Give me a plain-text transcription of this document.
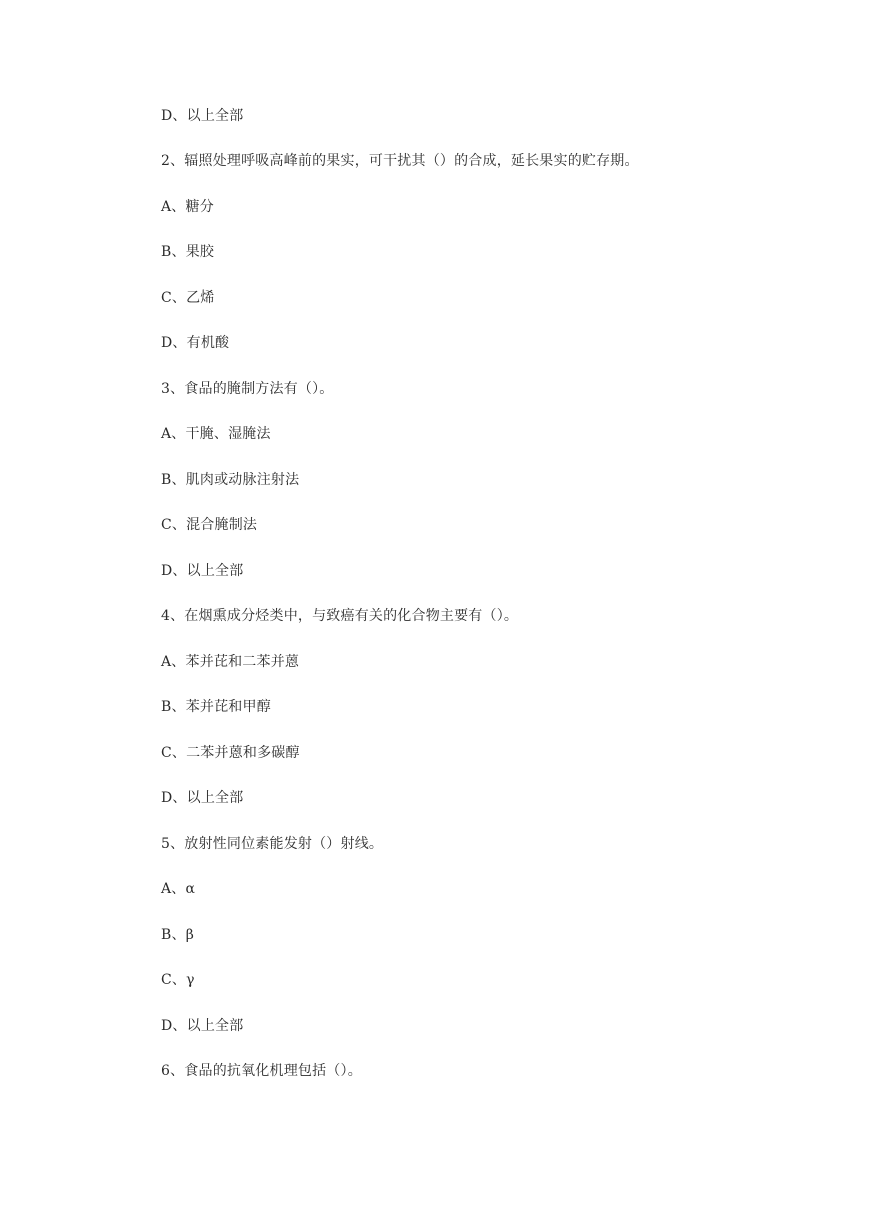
D、以上全部
2、辐照处理呼吸高峰前的果实，可干扰其（）的合成，延长果实的贮存期。
A、糖分
B、果胶
C、乙烯
D、有机酸
3、食品的腌制方法有（）。
A、干腌、湿腌法
B、肌肉或动脉注射法
C、混合腌制法
D、以上全部
4、在烟熏成分烃类中，与致癌有关的化合物主要有（）。
A、苯并芘和二苯并蒽
B、苯并芘和甲醇
C、二苯并蒽和多碳醇
D、以上全部
5、放射性同位素能发射（）射线。
A、α
B、β
C、γ
D、以上全部
6、食品的抗氧化机理包括（）。
